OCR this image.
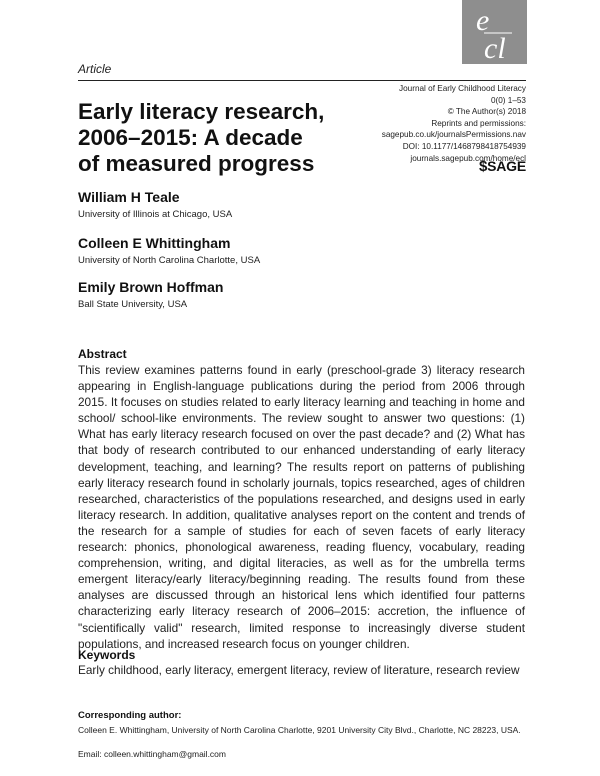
e
cl
Article
Journal of Early Childhood Literacy
0(0) 1–53
© The Author(s) 2018
Reprints and permissions:
sagepub.co.uk/journalsPermissions.nav
DOI: 10.1177/1468798418754939
journals.sagepub.com/home/ecl
$SAGE
Early literacy research,
2006–2015: A decade
of measured progress
William H Teale
University of Illinois at Chicago, USA
Colleen E Whittingham
University of North Carolina Charlotte, USA
Emily Brown Hoffman
Ball State University, USA
Abstract
This review examines patterns found in early (preschool-grade 3) literacy research appearing in English-language publications during the period from 2006 through 2015. It focuses on studies related to early literacy learning and teaching in home and school/ school-like environments. The review sought to answer two questions: (1) What has early literacy research focused on over the past decade? and (2) What has that body of research contributed to our enhanced understanding of early literacy development, teaching, and learning? The results report on patterns of publishing early literacy research found in scholarly journals, topics researched, ages of children researched, characteristics of the populations researched, and designs used in early literacy research. In addition, qualitative analyses report on the content and trends of the research for a sample of studies for each of seven facets of early literacy research: phonics, phonological awareness, reading fluency, vocabulary, reading comprehension, writing, and digital literacies, as well as for the umbrella terms emergent literacy/early literacy/beginning reading. The results found from these analyses are discussed through an historical lens which identified four patterns characterizing early literacy research of 2006–2015: accretion, the influence of "scientifically valid" research, limited response to increasingly diverse student populations, and increased research focus on younger children.
Keywords
Early childhood, early literacy, emergent literacy, review of literature, research review
Corresponding author:
Colleen E. Whittingham, University of North Carolina Charlotte, 9201 University City Blvd., Charlotte, NC 28223, USA.
Email: colleen.whittingham@gmail.com
